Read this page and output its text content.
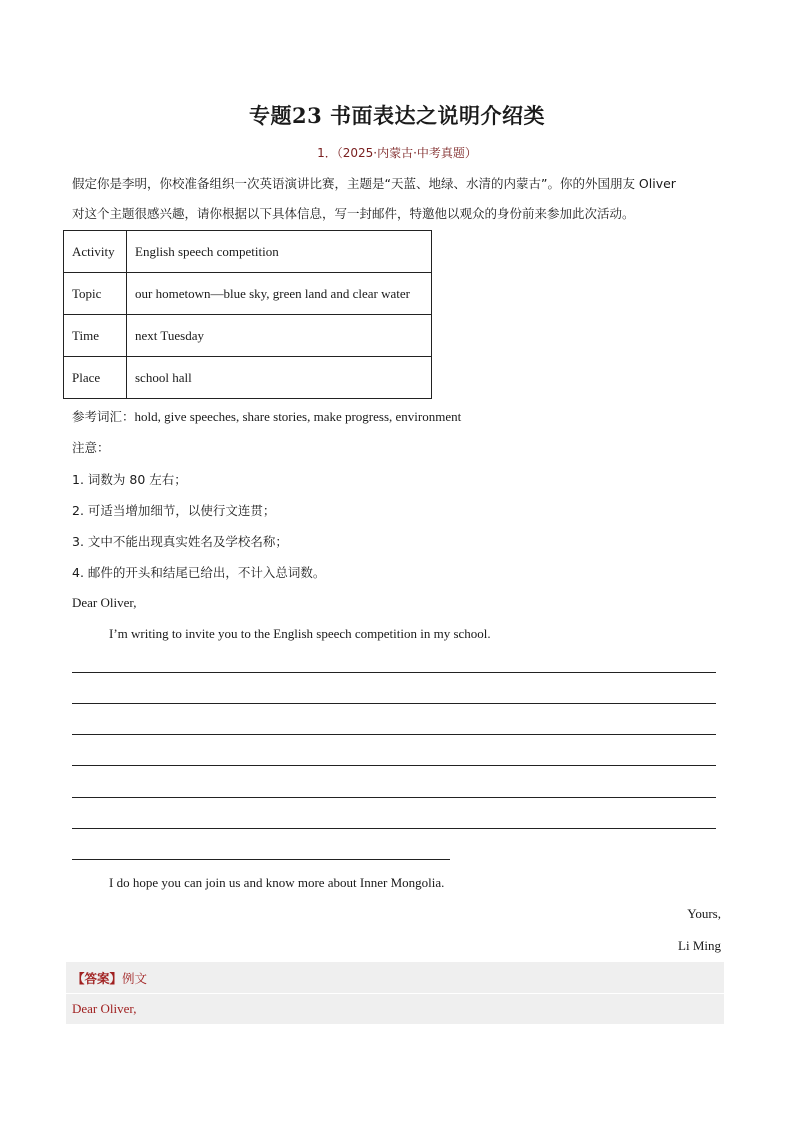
专题23 书面表达之说明介绍类
1．（2025·内蒙古·中考真题）
假定你是李明，你校准备组织一次英语演讲比赛，主题是“天蓝、地绿、水清的内蒙古”。你的外国朋友 Oliver
对这个主题很感兴趣，请你根据以下具体信息，写一封邮件，特邀他以观众的身份前来参加此次活动。
Activity	English speech competition
Topic	our hometown—blue sky, green land and clear water
Time	next Tuesday
Place	school hall
参考词汇：hold, give speeches, share stories, make progress, environment
注意：
1. 词数为 80 左右；
2. 可适当增加细节，以使行文连贯；
3. 文中不能出现真实姓名及学校名称；
4. 邮件的开头和结尾已给出，不计入总词数。
Dear Oliver,
I’m writing to invite you to the English speech competition in my school.
I do hope you can join us and know more about Inner Mongolia.
Yours,
Li Ming
【答案】例文
Dear Oliver,
